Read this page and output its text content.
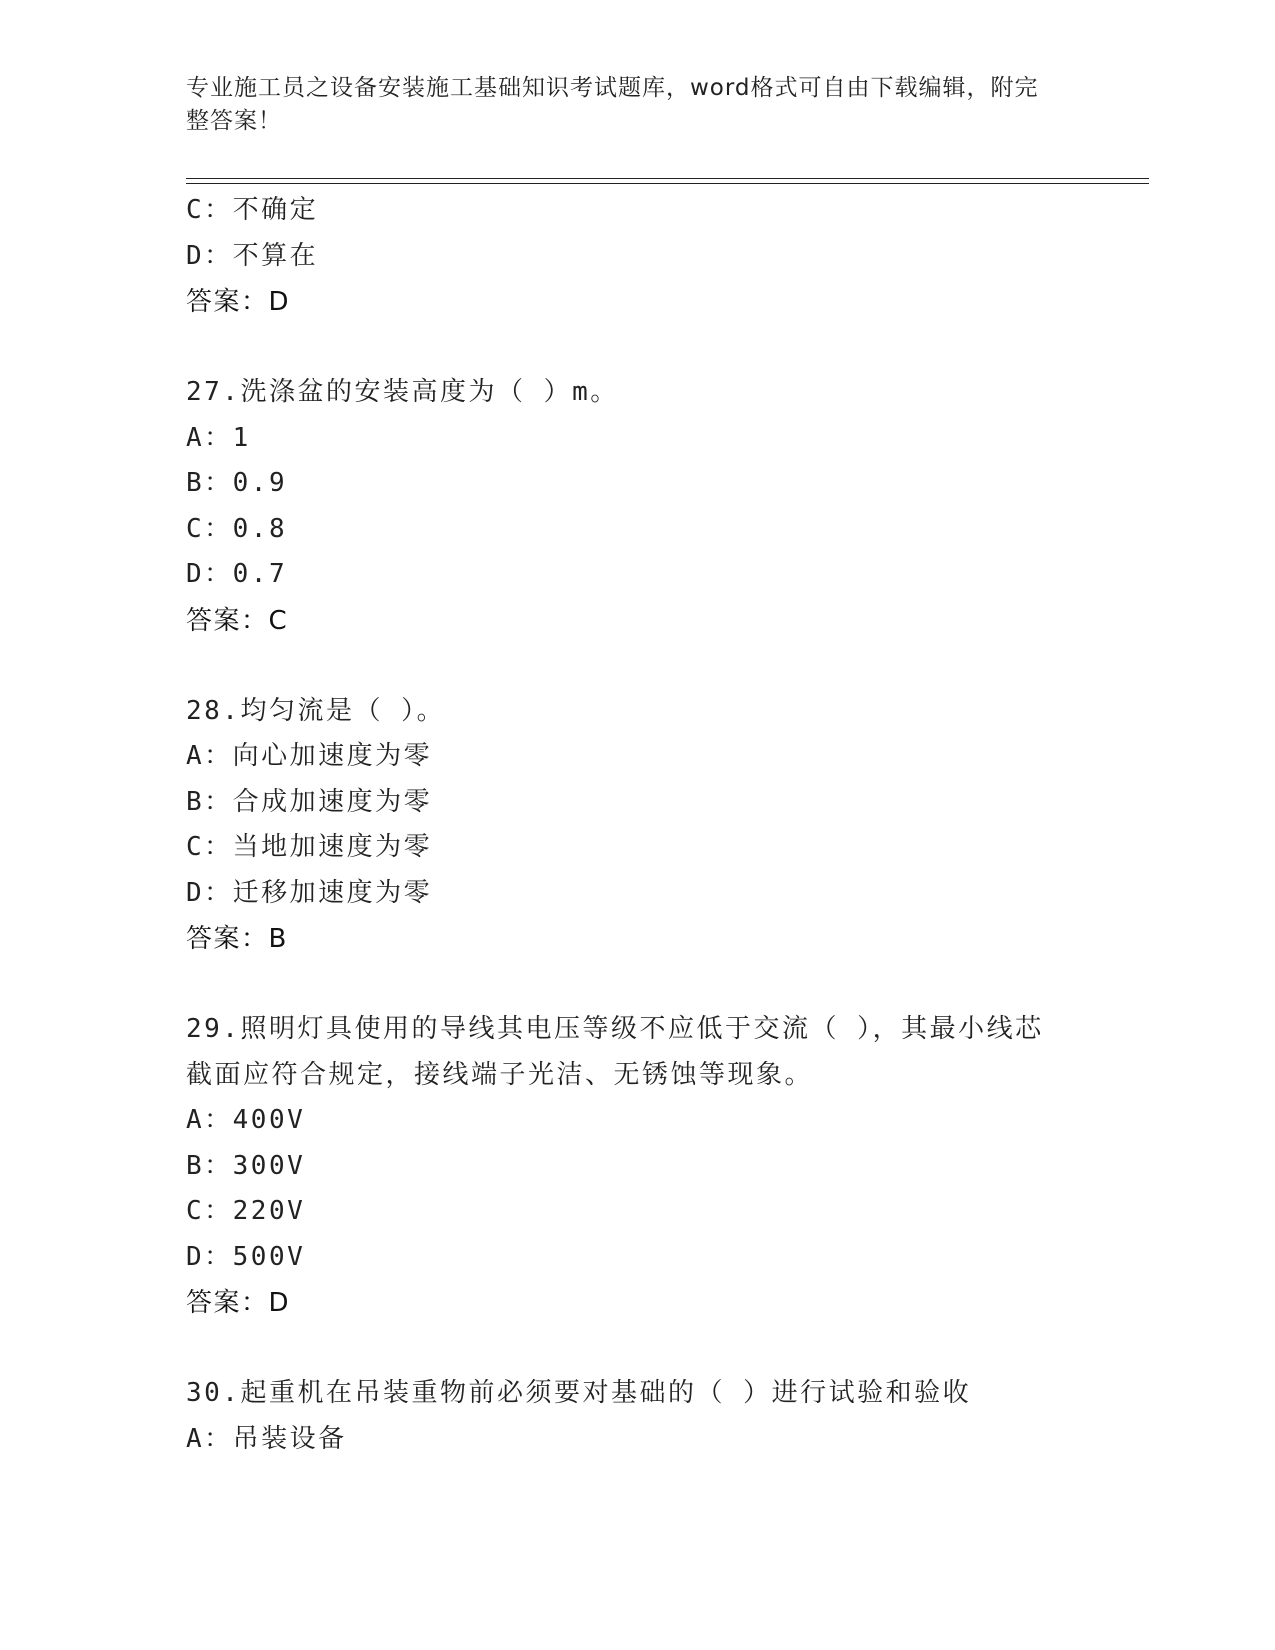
专业施工员之设备安装施工基础知识考试题库，word格式可自由下载编辑，附完
整答案！
C：不确定
D：不算在
答案：D
27.洗涤盆的安装高度为（ ）m。
A：1
B：0.9
C：0.8
D：0.7
答案：C
28.均匀流是（ ）。
A：向心加速度为零
B：合成加速度为零
C：当地加速度为零
D：迁移加速度为零
答案：B
29.照明灯具使用的导线其电压等级不应低于交流（ ），其最小线芯
截面应符合规定，接线端子光洁、无锈蚀等现象。
A：400V
B：300V
C：220V
D：500V
答案：D
30.起重机在吊装重物前必须要对基础的（ ）进行试验和验收
A：吊装设备
